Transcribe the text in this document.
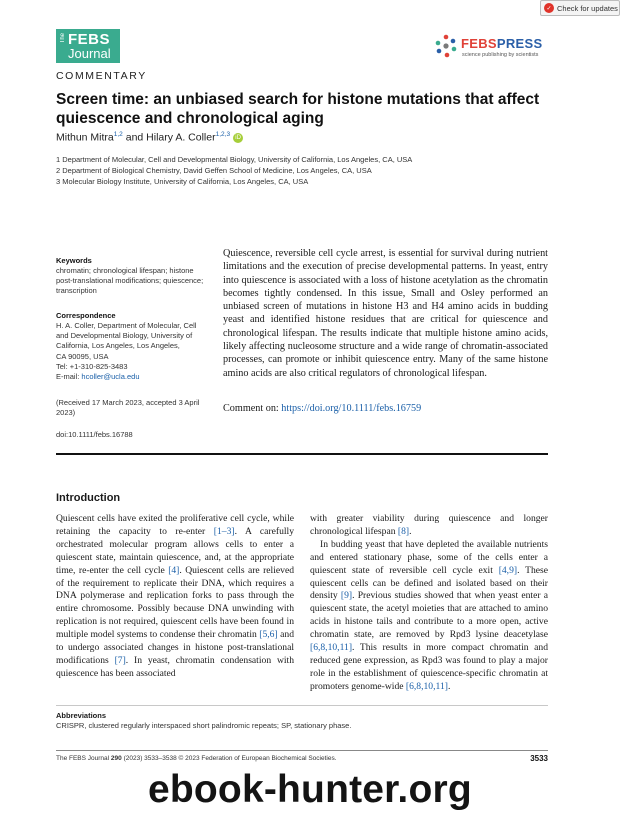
✓ Check for updates
The FEBS
Journal
FEBSPRESS
science publishing by scientists
COMMENTARY
Screen time: an unbiased search for histone mutations that affect quiescence and chronological aging
Mithun Mitra$^{1,2}$ and Hilary A. Coller$^{1,2,3}$ iD
1 Department of Molecular, Cell and Developmental Biology, University of California, Los Angeles, CA, USA
2 Department of Biological Chemistry, David Geffen School of Medicine, Los Angeles, CA, USA
3 Molecular Biology Institute, University of California, Los Angeles, CA, USA
Keywords
chromatin; chronological lifespan; histone
post-translational modifications; quiescence;
transcription
Correspondence
H. A. Coller, Department of Molecular, Cell
and Developmental Biology, University of
California, Los Angeles, Los Angeles,
CA 90095, USA
Tel: +1-310-825-3483
E-mail: hcoller@ucla.edu
(Received 17 March 2023, accepted 3 April
2023)
doi:10.1111/febs.16788
Quiescence, reversible cell cycle arrest, is essential for survival during nutrient limitations and the execution of precise developmental patterns. In yeast, entry into quiescence is associated with a loss of histone acetylation as the chromatin becomes tightly condensed. In this issue, Small and Osley performed an unbiased screen of mutations in histone H3 and H4 amino acids in budding yeast and identified histone residues that are critical for quiescence and chronological lifespan. The results indicate that multiple histone amino acids, likely affecting nucleosome structure and a wide range of chromatin-associated processes, can promote or inhibit quiescence entry. Many of the same histone amino acids are also critical regulators of chronological lifespan.
Comment on: https://doi.org/10.1111/febs.16759
Introduction

Quiescent cells have exited the proliferative cell cycle, while retaining the capacity to re-enter [1–3]. A carefully orchestrated molecular program allows cells to enter a quiescent state, maintain quiescence, and, at the appropriate time, re-enter the cell cycle [4]. Quiescent cells are relieved of the requirement to replicate their DNA, which requires a DNA polymerase and replication forks to pass through the entire chromosome. Possibly because DNA unwinding with replication is not required, quiescent cells have been found in multiple model systems to condense their chromatin [5,6] and to undergo associated changes in histone post-translational modifications [7]. In yeast, chromatin condensation with quiescence has been associated

with greater viability during quiescence and longer chronological lifespan [8].

In budding yeast that have depleted the available nutrients and entered stationary phase, some of the cells enter a quiescent state of reversible cell cycle exit [4,9]. These quiescent cells can be defined and isolated based on their density [9]. Previous studies showed that when yeast enter a quiescent state, the acetyl moieties that are attached to amino acids in histone tails and contribute to a more open, active chromatin state, are removed by Rpd3 lysine deacetylase [6,8,10,11]. This results in more compact chromatin and reduced gene expression, as Rpd3 was found to play a major role in the establishment of quiescence-specific chromatin at promoters genome-wide [6,8,10,11].

Abbreviations
CRISPR, clustered regularly interspaced short palindromic repeats; SP, stationary phase.
The FEBS Journal 290 (2023) 3533–3538 © 2023 Federation of European Biochemical Societies.	3533
ebook-hunter.org
